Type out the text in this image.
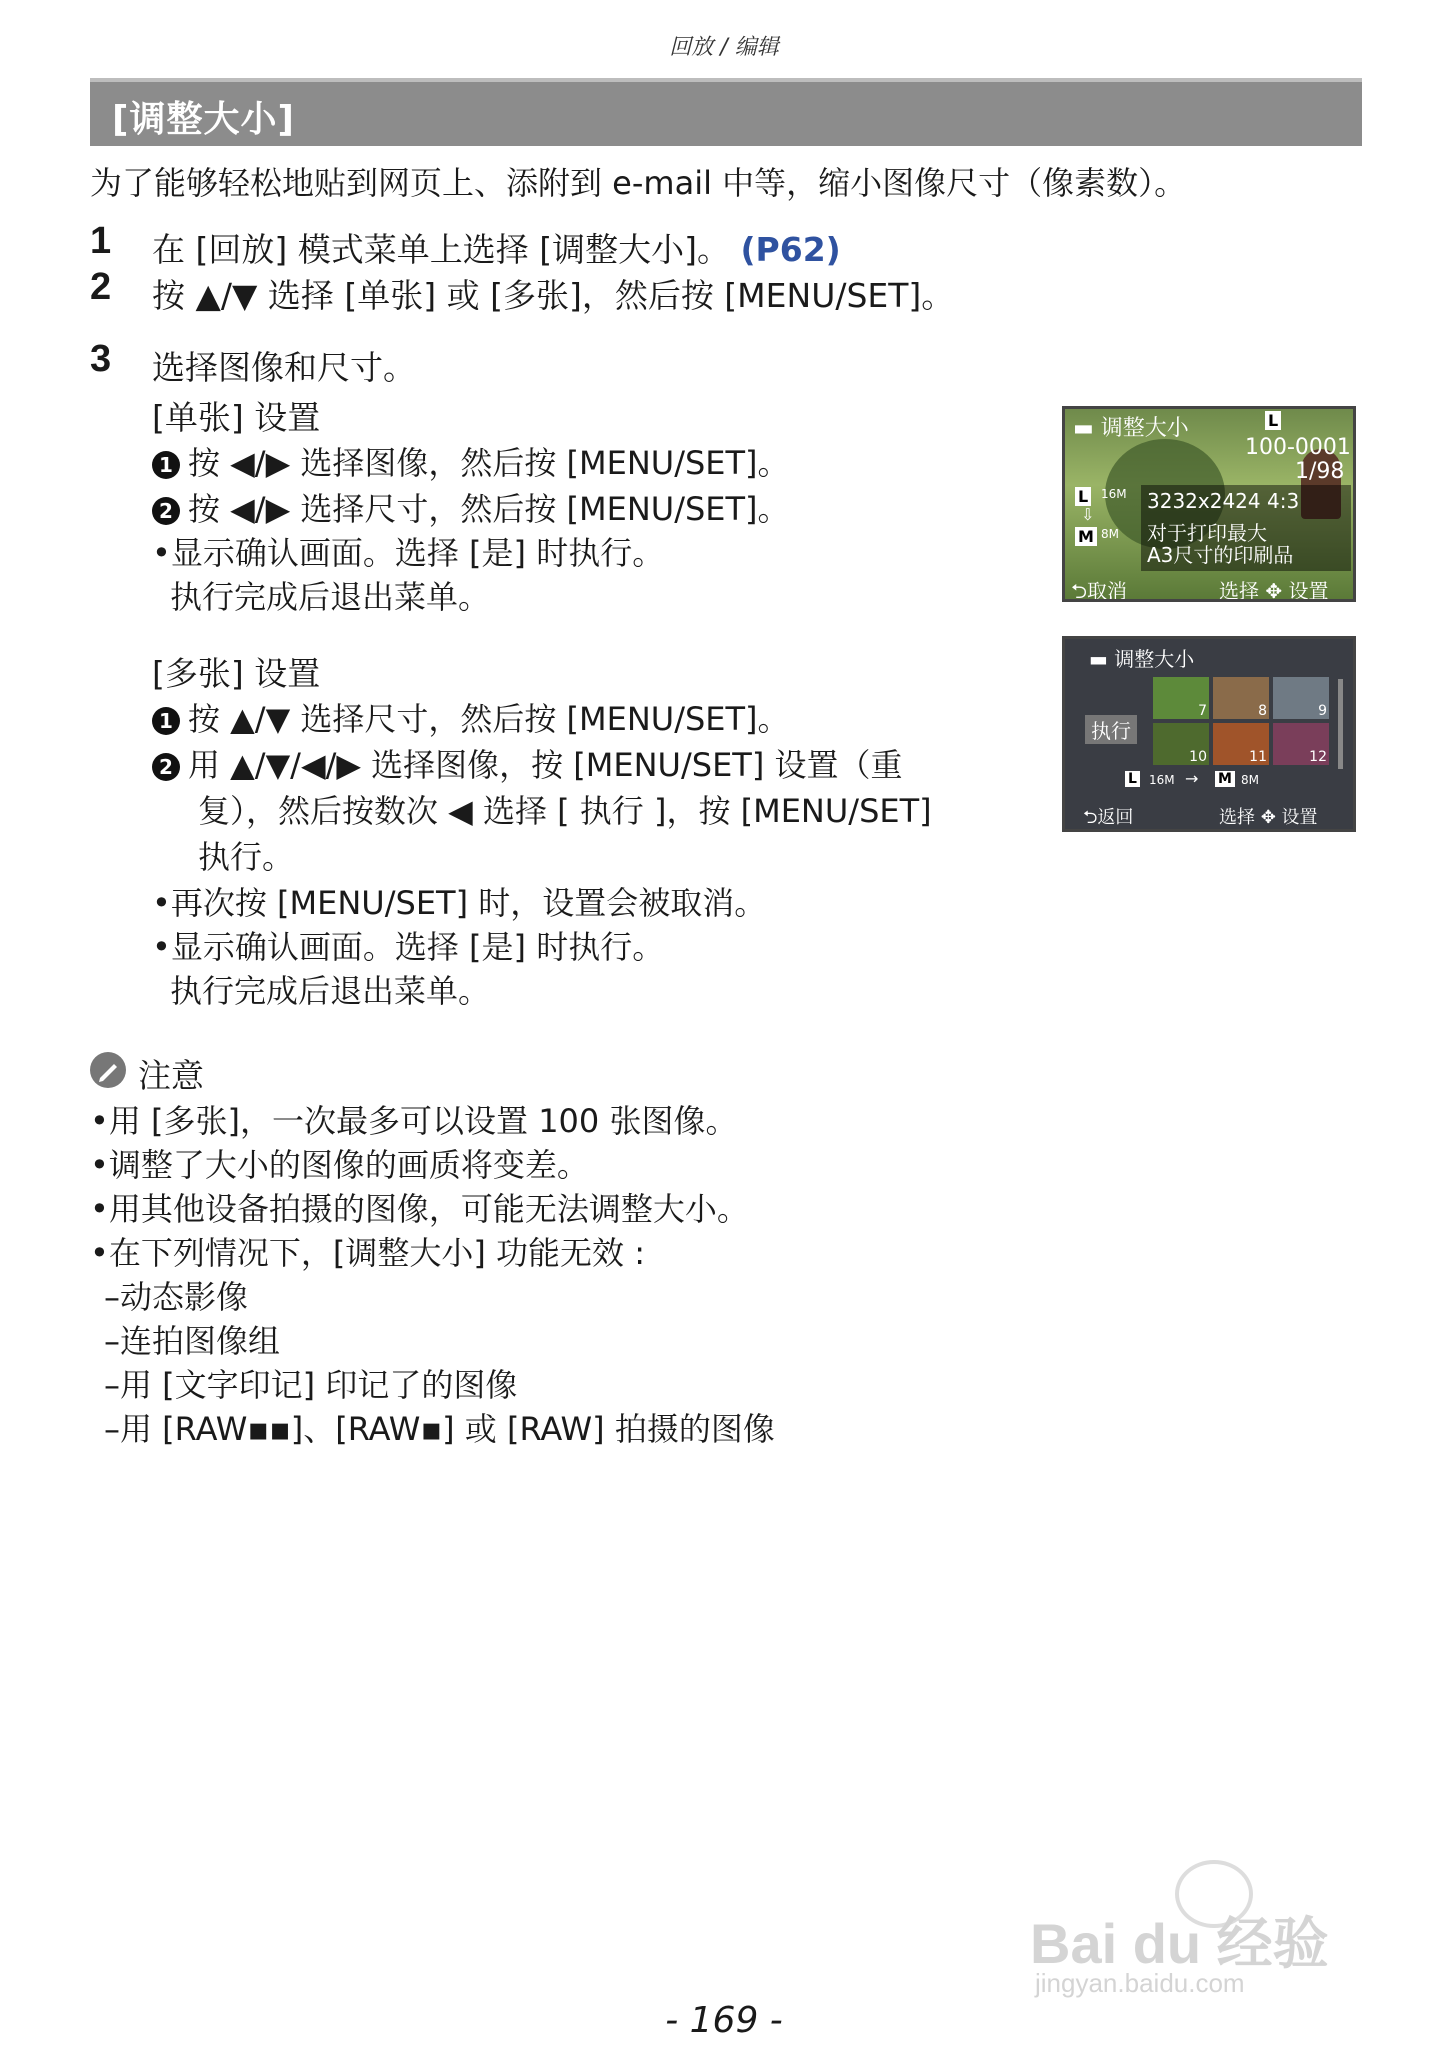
回放 / 编辑
[调整大小]
为了能够轻松地贴到网页上、添附到 e-mail 中等，缩小图像尺寸（像素数）。
1 在 [回放] 模式菜单上选择 [调整大小]。 (P62)
2 按 ▲/▼ 选择 [单张] 或 [多张]，然后按 [MENU/SET]。
3 选择图像和尺寸。
[单张] 设置
1 按 ◀/▶ 选择图像，然后按 [MENU/SET]。
2 按 ◀/▶ 选择尺寸，然后按 [MENU/SET]。
•显示确认画面。选择 [是] 时执行。
执行完成后退出菜单。
▬ 调整大小	L
100-0001
1/98
L 16M
⇩
M 8M
3232x2424 4:3
对于打印最大
A3尺寸的印刷品
⮌取消	选择 ✥ 设置
[多张] 设置
1 按 ▲/▼ 选择尺寸，然后按 [MENU/SET]。
2 用 ▲/▼/◀/▶ 选择图像，按 [MENU/SET] 设置（重
复），然后按数次 ◀ 选择 [ 执行 ]，按 [MENU/SET]
执行。
•再次按 [MENU/SET] 时，设置会被取消。
•显示确认画面。选择 [是] 时执行。
执行完成后退出菜单。
▬ 调整大小
7	8	9
10	11	12
执行
L 16M → M 8M
⮌返回	选择 ✥ 设置
注意
•用 [多张]，一次最多可以设置 100 张图像。
•调整了大小的图像的画质将变差。
•用其他设备拍摄的图像，可能无法调整大小。
•在下列情况下，[调整大小] 功能无效 :
–动态影像
–连拍图像组
–用 [文字印记] 印记了的图像
–用 [RAW▪▪]、[RAW▪] 或 [RAW] 拍摄的图像
Bai du 经验
jingyan.baidu.com
- 169 -
